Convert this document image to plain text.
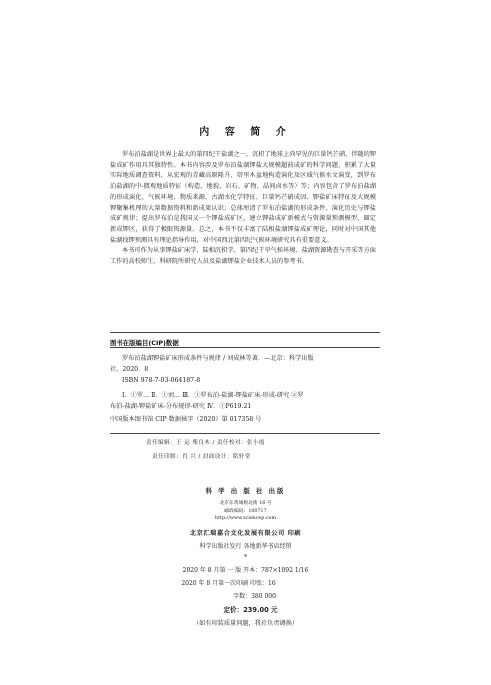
内 容 简 介

罗布泊盐湖是世界上最大的第四纪干盐湖之一，沉积了地球上尚罕见的巨量钙芒硝，伴随的钾盐成矿作用具其独特性。本书内容涉及罗布泊盐湖钾盐大规模超前成矿的科学问题，积累了大量实际地质调查资料，从宏观的青藏高原隆升、塔里木盆地构造演化及区域气候水文演变，到罗布泊盐湖的中-微观地质特征（构造、地貌、岩石、矿物、晶间卤水等）等；内容包含了罗布泊盐湖的形成演化、气候环境、物质来源、古湖水化学特征、巨量钙芒硝成因、钾盐矿床特征及大规模钾聚集机理的大量数据资料和新成果认识；总体厘清了罗布泊盐湖的形成条件、演化历史与钾盐成矿规律；提出罗布泊是我国又一个钾盐成矿区，建立钾盐成矿新模式与资源量预测模型，圈定新成钾区，获得了极限资源量。总之，本书不仅丰富了陆相盐湖钾盐成矿理论，同时对中国其他盐湖找钾预测具有理论指导作用，对中国西北第四纪气候环境研究具有重要意义。

本书可作为从事钾盐矿床学、陆相沉积学、第四纪干旱气候环境、盐湖资源勘查与开采等方面工作的高校师生、科研院所研究人员及盐湖钾盐企业技术人员的参考书。

图书在版编目(CIP)数据
罗布泊盐湖钾盐矿床形成条件与规律 / 刘成林等著．—北京：科学出版
社，2020．8
ISBN 978-7-03-064187-8
Ⅰ．①罗… Ⅱ．①刘… Ⅲ．①罗布泊-盐湖-钾盐矿床-形成-研究 ②罗
布泊-盐湖-钾盐矿床-分布规律-研究 Ⅳ．①P619.21
中国版本图书馆 CIP 数据核字（2020）第 017358 号
责任编辑：王 运 柴良木 / 责任校对：张小霞
责任印制：肖 兴 / 封面设计：铭轩堂
科 学 出 版 社 出版
北京东黄城根北街 16 号
邮政编码：100717
http://www.sciencep.com
北京汇瑞嘉合文化发展有限公司 印刷
科学出版社发行 各地新华书店经销
*
2020 年 8 月第 一 版 开本：787×1092 1/16
2020 年 8 月第一次印刷 印张：16
字数：380 000
定价：239.00 元
（如有印装质量问题，我社负责调换）
